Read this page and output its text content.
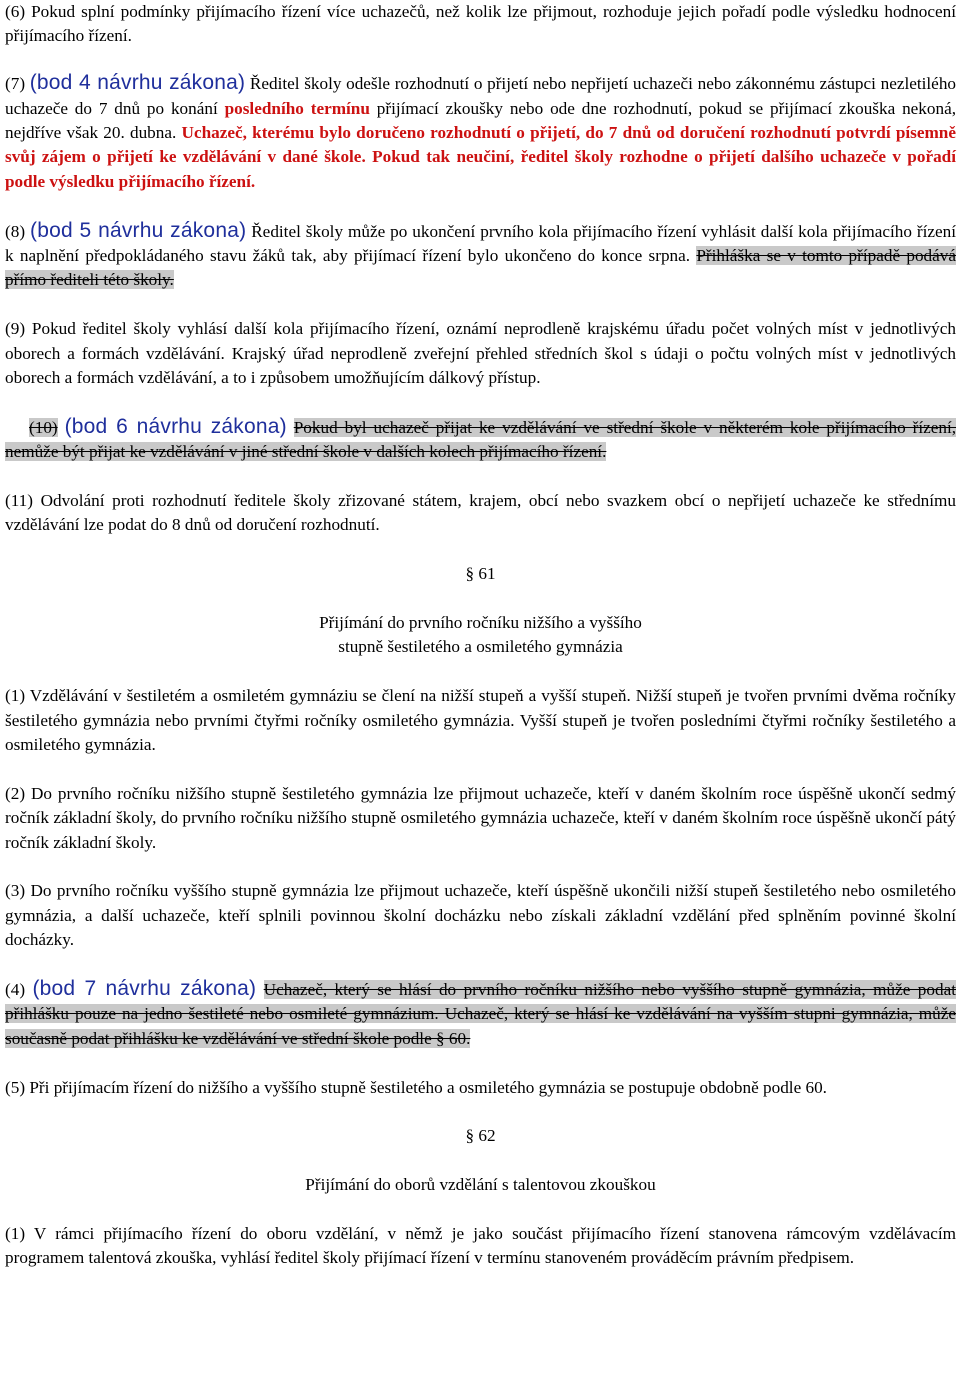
(6) Pokud splní podmínky přijímacího řízení více uchazečů, než kolik lze přijmout, rozhoduje jejich pořadí podle výsledku hodnocení přijímacího řízení.

(7) (bod 4 návrhu zákona) Ředitel školy odešle rozhodnutí o přijetí nebo nepřijetí uchazeči nebo zákonnému zástupci nezletilého uchazeče do 7 dnů po konání posledního termínu přijímací zkoušky nebo ode dne rozhodnutí, pokud se přijímací zkouška nekoná, nejdříve však 20. dubna. Uchazeč, kterému bylo doručeno rozhodnutí o přijetí, do 7 dnů od doručení rozhodnutí potvrdí písemně svůj zájem o přijetí ke vzdělávání v dané škole. Pokud tak neučiní, ředitel školy rozhodne o přijetí dalšího uchazeče v pořadí podle výsledku přijímacího řízení.

(8) (bod 5 návrhu zákona) Ředitel školy může po ukončení prvního kola přijímacího řízení vyhlásit další kola přijímacího řízení k naplnění předpokládaného stavu žáků tak, aby přijímací řízení bylo ukončeno do konce srpna. Přihláška se v tomto případě podává přímo řediteli této školy.

(9) Pokud ředitel školy vyhlásí další kola přijímacího řízení, oznámí neprodleně krajskému úřadu počet volných míst v jednotlivých oborech a formách vzdělávání. Krajský úřad neprodleně zveřejní přehled středních škol s údaji o počtu volných míst v jednotlivých oborech a formách vzdělávání, a to i způsobem umožňujícím dálkový přístup.

(10) (bod 6 návrhu zákona) Pokud byl uchazeč přijat ke vzdělávání ve střední škole v některém kole přijímacího řízení, nemůže být přijat ke vzdělávání v jiné střední škole v dalších kolech přijímacího řízení.

(11) Odvolání proti rozhodnutí ředitele školy zřizované státem, krajem, obcí nebo svazkem obcí o nepřijetí uchazeče ke střednímu vzdělávání lze podat do 8 dnů od doručení rozhodnutí.

§ 61

Přijímání do prvního ročníku nižšího a vyššího

stupně šestiletého a osmiletého gymnázia

(1) Vzdělávání v šestiletém a osmiletém gymnáziu se člení na nižší stupeň a vyšší stupeň. Nižší stupeň je tvořen prvními dvěma ročníky šestiletého gymnázia nebo prvními čtyřmi ročníky osmiletého gymnázia. Vyšší stupeň je tvořen posledními čtyřmi ročníky šestiletého a osmiletého gymnázia.

(2) Do prvního ročníku nižšího stupně šestiletého gymnázia lze přijmout uchazeče, kteří v daném školním roce úspěšně ukončí sedmý ročník základní školy, do prvního ročníku nižšího stupně osmiletého gymnázia uchazeče, kteří v daném školním roce úspěšně ukončí pátý ročník základní školy.

(3) Do prvního ročníku vyššího stupně gymnázia lze přijmout uchazeče, kteří úspěšně ukončili nižší stupeň šestiletého nebo osmiletého gymnázia, a další uchazeče, kteří splnili povinnou školní docházku nebo získali základní vzdělání před splněním povinné školní docházky.

(4) (bod 7 návrhu zákona) Uchazeč, který se hlásí do prvního ročníku nižšího nebo vyššího stupně gymnázia, může podat přihlášku pouze na jedno šestileté nebo osmileté gymnázium. Uchazeč, který se hlásí ke vzdělávání na vyšším stupni gymnázia, může současně podat přihlášku ke vzdělávání ve střední škole podle § 60.

(5) Při přijímacím řízení do nižšího a vyššího stupně šestiletého a osmiletého gymnázia se postupuje obdobně podle 60.

§ 62

Přijímání do oborů vzdělání s talentovou zkouškou

(1) V rámci přijímacího řízení do oboru vzdělání, v němž je jako součást přijímacího řízení stanovena rámcovým vzdělávacím programem talentová zkouška, vyhlásí ředitel školy přijímací řízení v termínu stanoveném prováděcím právním předpisem.
